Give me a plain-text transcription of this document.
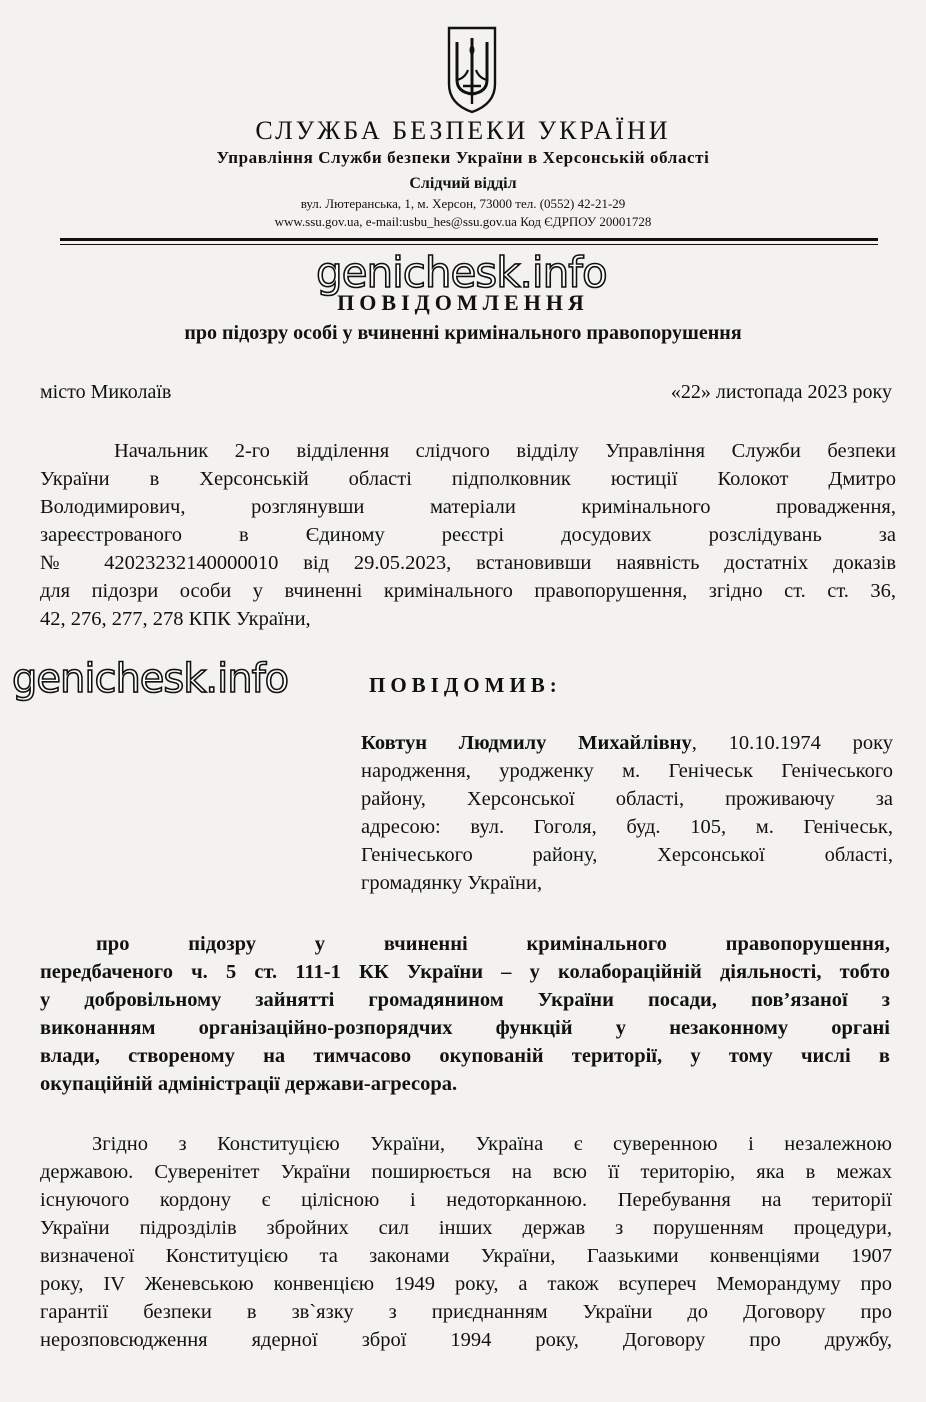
СЛУЖБА БЕЗПЕКИ УКРАЇНИ
Управління Служби безпеки України в Херсонській області
Слідчий відділ
вул. Лютеранська, 1, м. Херсон, 73000 тел. (0552) 42-21-29
www.ssu.gov.ua, e-mail:usbu_hes@ssu.gov.ua Код ЄДРПОУ 20001728
ПОВІДОМЛЕННЯ
про підозру особі у вчиненні кримінального правопорушення
genichesk.info
місто Миколаїв	«22» листопада 2023 року
Начальник 2-го відділення слідчого відділу Управління Служби безпеки
України в Херсонській області підполковник юстиції Колокот Дмитро
Володимирович, розглянувши матеріали кримінального провадження,
зареєстрованого в Єдиному реєстрі досудових розслідувань за
№ 42023232140000010 від 29.05.2023, встановивши наявність достатніх доказів
для підозри особи у вчиненні кримінального правопорушення, згідно ст. ст. 36,
42, 276, 277, 278 КПК України,
genichesk.info	ПОВІДОМИВ:
Ковтун Людмилу Михайлівну, 10.10.1974 року
народження, уродженку м. Генічеськ Генічеського
району, Херсонської області, проживаючу за
адресою: вул. Гоголя, буд. 105, м. Генічеськ,
Генічеського району, Херсонської області,
громадянку України,
про підозру у вчиненні кримінального правопорушення,
передбаченого ч. 5 ст. 111-1 КК України – у колабораційній діяльності, тобто
у добровільному зайнятті громадянином України посади, пов’язаної з
виконанням організаційно-розпорядчих функцій у незаконному органі
влади, створеному на тимчасово окупованій території, у тому числі в
окупаційній адміністрації держави-агресора.
Згідно з Конституцією України, Україна є суверенною і незалежною
державою. Суверенітет України поширюється на всю її територію, яка в межах
існуючого кордону є цілісною і недоторканною. Перебування на території
України підрозділів збройних сил інших держав з порушенням процедури,
визначеної Конституцією та законами України, Гаазькими конвенціями 1907
року, IV Женевською конвенцією 1949 року, а також всупереч Меморандуму про
гарантії безпеки в зв`язку з приєднанням України до Договору про
нерозповсюдження ядерної зброї 1994 року, Договору про дружбу,
